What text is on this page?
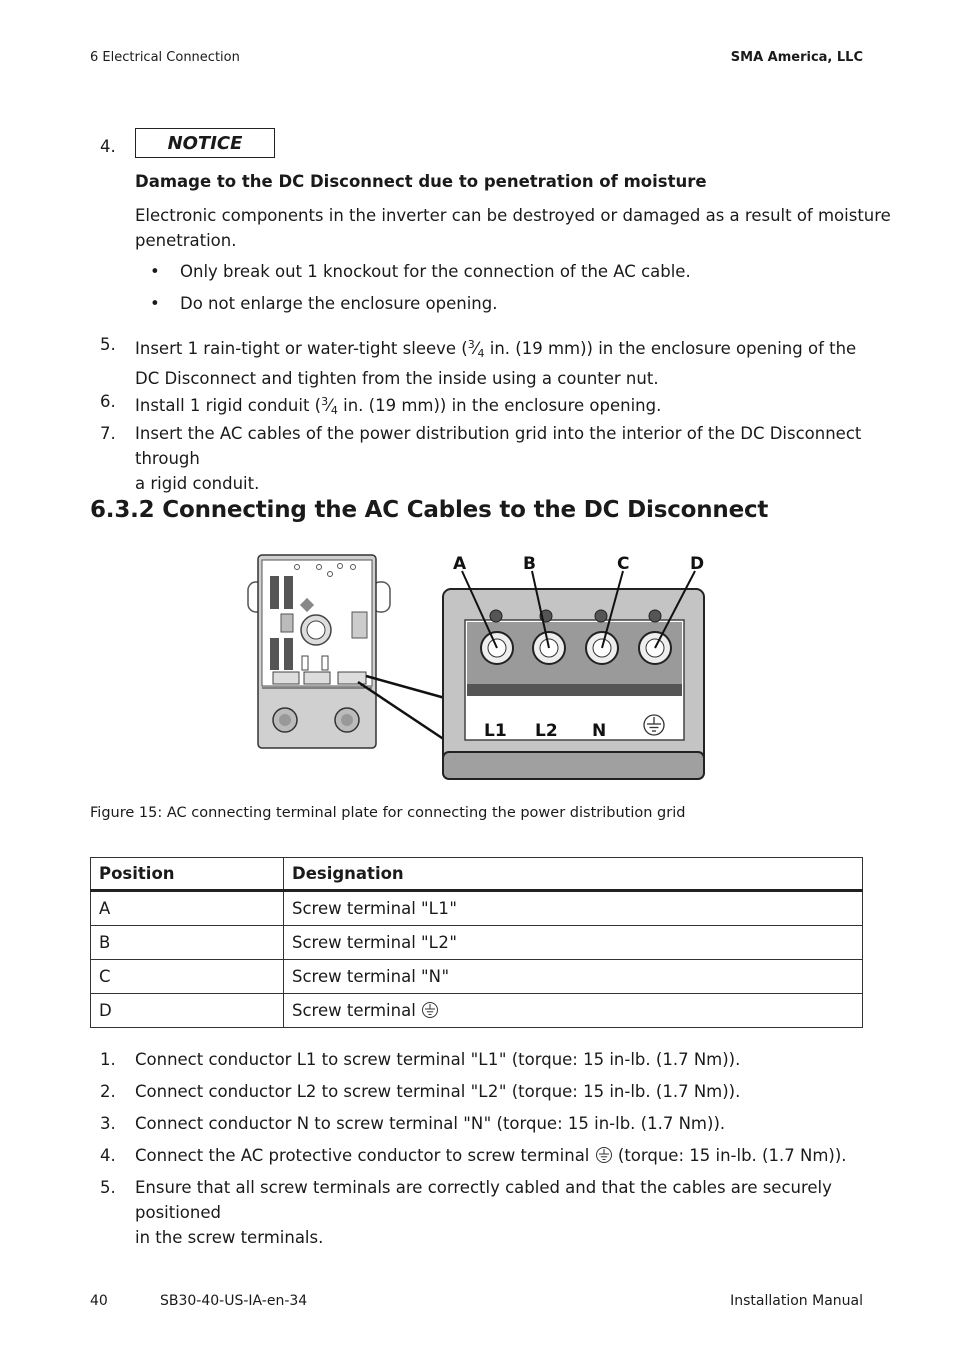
6 Electrical Connection	SMA America, LLC
4.	NOTICE
Damage to the DC Disconnect due to penetration of moisture
Electronic components in the inverter can be destroyed or damaged as a result of moisture
penetration.
• Only break out 1 knockout for the connection of the AC cable.
• Do not enlarge the enclosure opening.
5. Insert 1 rain-tight or water-tight sleeve ($^3⁄_4$ in. (19 mm)) in the enclosure opening of the
DC Disconnect and tighten from the inside using a counter nut.
6. Install 1 rigid conduit ($^3⁄_4$ in. (19 mm)) in the enclosure opening.
7. Insert the AC cables of the power distribution grid into the interior of the DC Disconnect through
a rigid conduit.
6.3.2 Connecting the AC Cables to the DC Disconnect
A	B	C	D
L1 L2 N
Figure 15: AC connecting terminal plate for connecting the power distribution grid
Position	Designation
A	Screw terminal "L1"
B	Screw terminal "L2"
C	Screw terminal "N"
D	Screw terminal
1. Connect conductor L1 to screw terminal "L1" (torque: 15 in-lb. (1.7 Nm)).
2. Connect conductor L2 to screw terminal "L2" (torque: 15 in-lb. (1.7 Nm)).
3. Connect conductor N to screw terminal "N" (torque: 15 in-lb. (1.7 Nm)).
4. Connect the AC protective conductor to screw terminal  (torque: 15 in-lb. (1.7 Nm)).
5. Ensure that all screw terminals are correctly cabled and that the cables are securely positioned
in the screw terminals.
40	SB30-40-US-IA-en-34	Installation Manual
